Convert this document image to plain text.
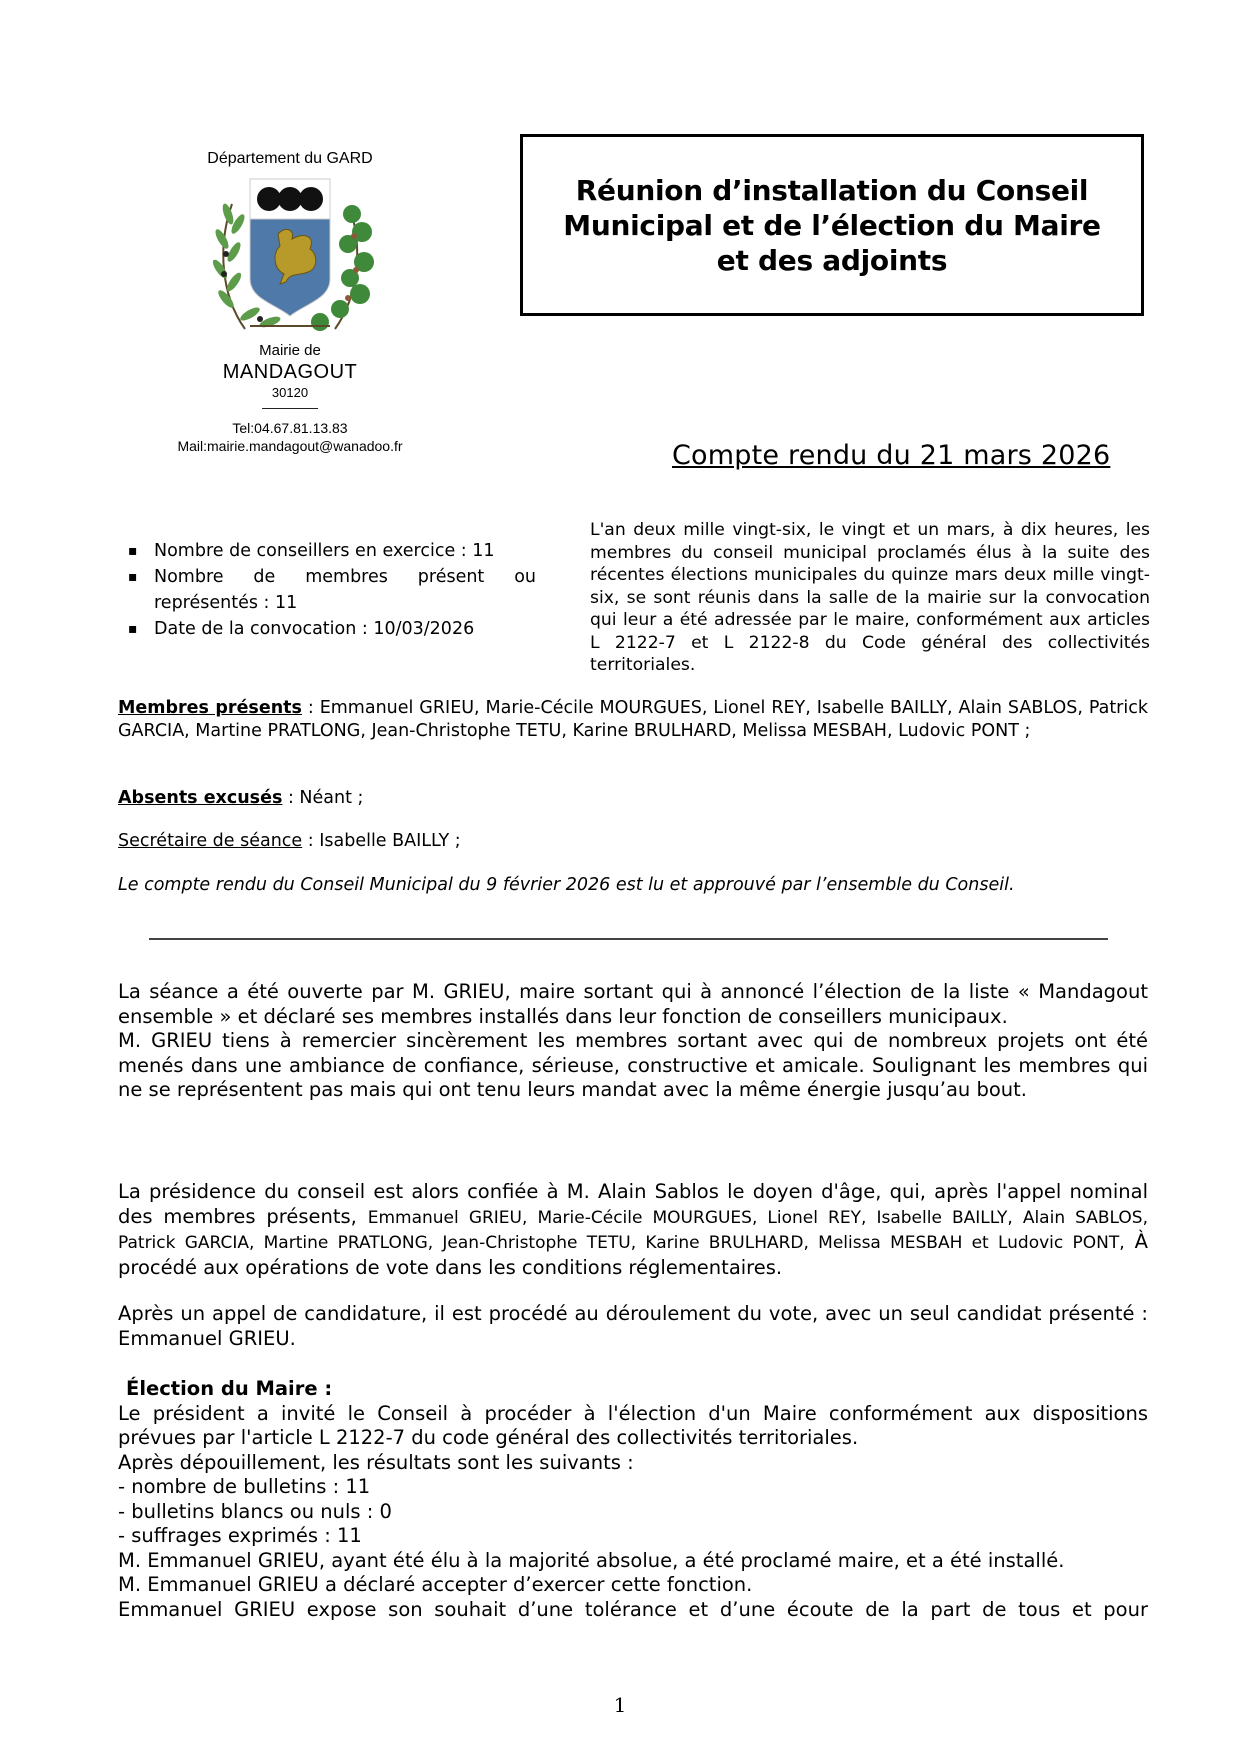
Département du GARD
Mairie de
MANDAGOUT
30120
Tel:04.67.81.13.83
Mail:mairie.mandagout@wanadoo.fr
Réunion d’installation du Conseil Municipal et de l’élection du Maire et des adjoints
Compte rendu du 21 mars 2026
▪ Nombre de conseillers en exercice : 11
▪ Nombre de membres présent ou représentés : 11
▪ Date de la convocation : 10/03/2026
L'an deux mille vingt-six, le vingt et un mars, à dix heures, les membres du conseil municipal proclamés élus à la suite des récentes élections municipales du quinze mars deux mille vingt-six, se sont réunis dans la salle de la mairie sur la convocation qui leur a été adressée par le maire, conformément aux articles L 2122-7 et L 2122-8 du Code général des collectivités territoriales.
Membres présents : Emmanuel GRIEU, Marie-Cécile MOURGUES, Lionel REY, Isabelle BAILLY, Alain SABLOS, Patrick GARCIA, Martine PRATLONG, Jean-Christophe TETU, Karine BRULHARD, Melissa MESBAH, Ludovic PONT ;
Absents excusés : Néant ;
Secrétaire de séance : Isabelle BAILLY ;
Le compte rendu du Conseil Municipal du 9 février 2026 est lu et approuvé par l’ensemble du Conseil.
La séance a été ouverte par M. GRIEU, maire sortant qui à annoncé l’élection de la liste « Mandagout ensemble » et déclaré ses membres installés dans leur fonction de conseillers municipaux.
M. GRIEU tiens à remercier sincèrement les membres sortant avec qui de nombreux projets ont été menés dans une ambiance de confiance, sérieuse, constructive et amicale. Soulignant les membres qui ne se représentent pas mais qui ont tenu leurs mandat avec la même énergie jusqu’au bout.
La présidence du conseil est alors confiée à M. Alain Sablos le doyen d'âge, qui, après l'appel nominal des membres présents, Emmanuel GRIEU, Marie-Cécile MOURGUES, Lionel REY, Isabelle BAILLY, Alain SABLOS, Patrick GARCIA, Martine PRATLONG, Jean-Christophe TETU, Karine BRULHARD, Melissa MESBAH et Ludovic PONT, À procédé aux opérations de vote dans les conditions réglementaires.
Après un appel de candidature, il est procédé au déroulement du vote, avec un seul candidat présenté : Emmanuel GRIEU.
Élection du Maire :
Le président a invité le Conseil à procéder à l'élection d'un Maire conformément aux dispositions prévues par l'article L 2122-7 du code général des collectivités territoriales.
Après dépouillement, les résultats sont les suivants :
- nombre de bulletins : 11
- bulletins blancs ou nuls : 0
- suffrages exprimés : 11
M. Emmanuel GRIEU, ayant été élu à la majorité absolue, a été proclamé maire, et a été installé.
M. Emmanuel GRIEU a déclaré accepter d’exercer cette fonction.
Emmanuel GRIEU expose son souhait d’une tolérance et d’une écoute de la part de tous et pour
1
